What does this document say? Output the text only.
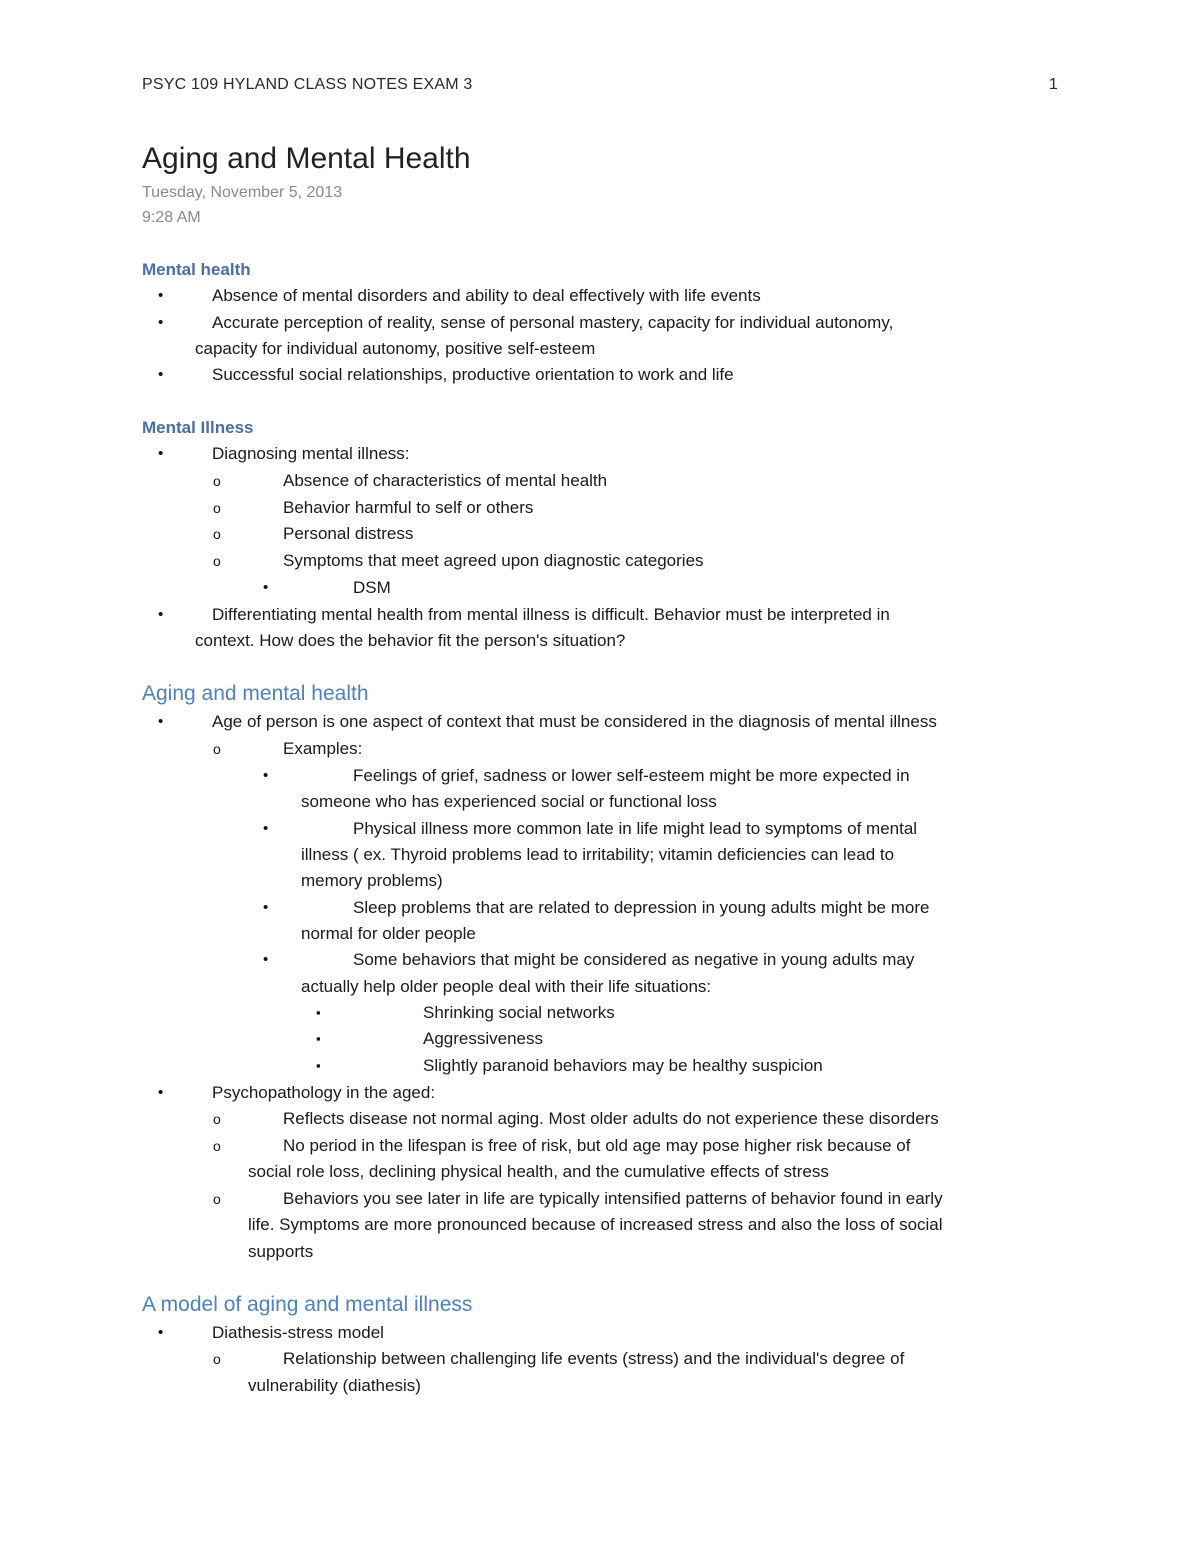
PSYC 109 HYLAND CLASS NOTES EXAM 3	1
Aging and Mental Health
Tuesday, November 5, 2013
9:28 AM
Mental health
•
Absence of mental disorders and ability to deal effectively with life events
•
Accurate perception of reality, sense of personal mastery, capacity for individual autonomy,
capacity for individual autonomy, positive self-esteem
•
Successful social relationships, productive orientation to work and life
Mental Illness
•
Diagnosing mental illness:
o
Absence of characteristics of mental health
o
Behavior harmful to self or others
o
Personal distress
o
Symptoms that meet agreed upon diagnostic categories
•
DSM
•
Differentiating mental health from mental illness is difficult. Behavior must be interpreted in
context. How does the behavior fit the person's situation?
Aging and mental health
•
Age of person is one aspect of context that must be considered in the diagnosis of mental illness
o
Examples:
•
Feelings of grief, sadness or lower self-esteem might be more expected in
someone who has experienced social or functional loss
•
Physical illness more common late in life might lead to symptoms of mental
illness ( ex. Thyroid problems lead to irritability; vitamin deficiencies can lead to
memory problems)
•
Sleep problems that are related to depression in young adults might be more
normal for older people
•
Some behaviors that might be considered as negative in young adults may
actually help older people deal with their life situations:
▪
Shrinking social networks
▪
Aggressiveness
▪
Slightly paranoid behaviors may be healthy suspicion
•
Psychopathology in the aged:
o
Reflects disease not normal aging. Most older adults do not experience these disorders
o
No period in the lifespan is free of risk, but old age may pose higher risk because of
social role loss, declining physical health, and the cumulative effects of stress
o
Behaviors you see later in life are typically intensified patterns of behavior found in early
life. Symptoms are more pronounced because of increased stress and also the loss of social
supports
A model of aging and mental illness
•
Diathesis-stress model
o
Relationship between challenging life events (stress) and the individual's degree of
vulnerability (diathesis)
